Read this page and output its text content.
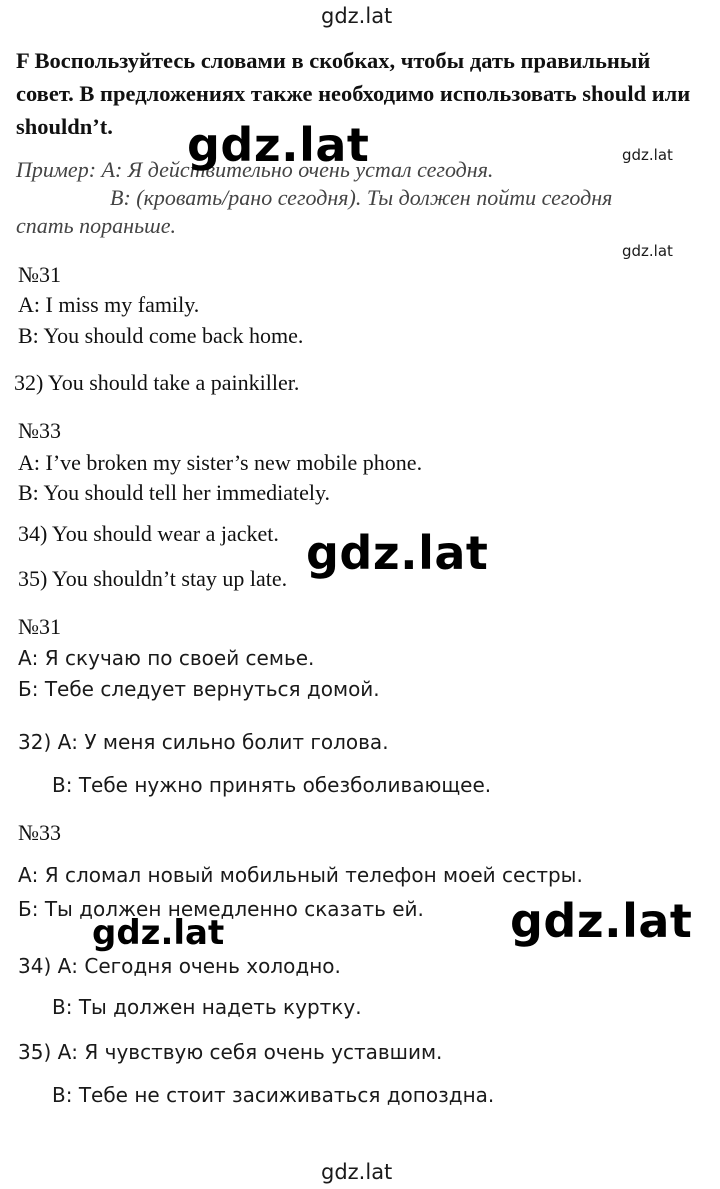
gdz.lat
F Воспользуйтесь словами в скобках, чтобы дать правильный совет. В предложениях также необходимо использовать should или shouldn’t.
Пример: A: Я действительно очень устал сегодня.
B: (кровать/рано сегодня). Ты должен пойти сегодня
спать пораньше.
gdz.lat	gdz.lat
gdz.lat
№31
A: I miss my family.
B: You should come back home.
32) You should take a painkiller.
№33
A: I’ve broken my sister’s new mobile phone.
B: You should tell her immediately.
34) You should wear a jacket.
35) You shouldn’t stay up late. gdz.lat
№31
А: Я скучаю по своей семье.
Б: Тебе следует вернуться домой.
32) А: У меня сильно болит голова.
В: Тебе нужно принять обезболивающее.
№33
А: Я сломал новый мобильный телефон моей сестры.
Б: Ты должен немедленно сказать ей.
gdz.lat	gdz.lat
34) А: Сегодня очень холодно.
В: Ты должен надеть куртку.
35) А: Я чувствую себя очень уставшим.
В: Тебе не стоит засиживаться допоздна.
gdz.lat
